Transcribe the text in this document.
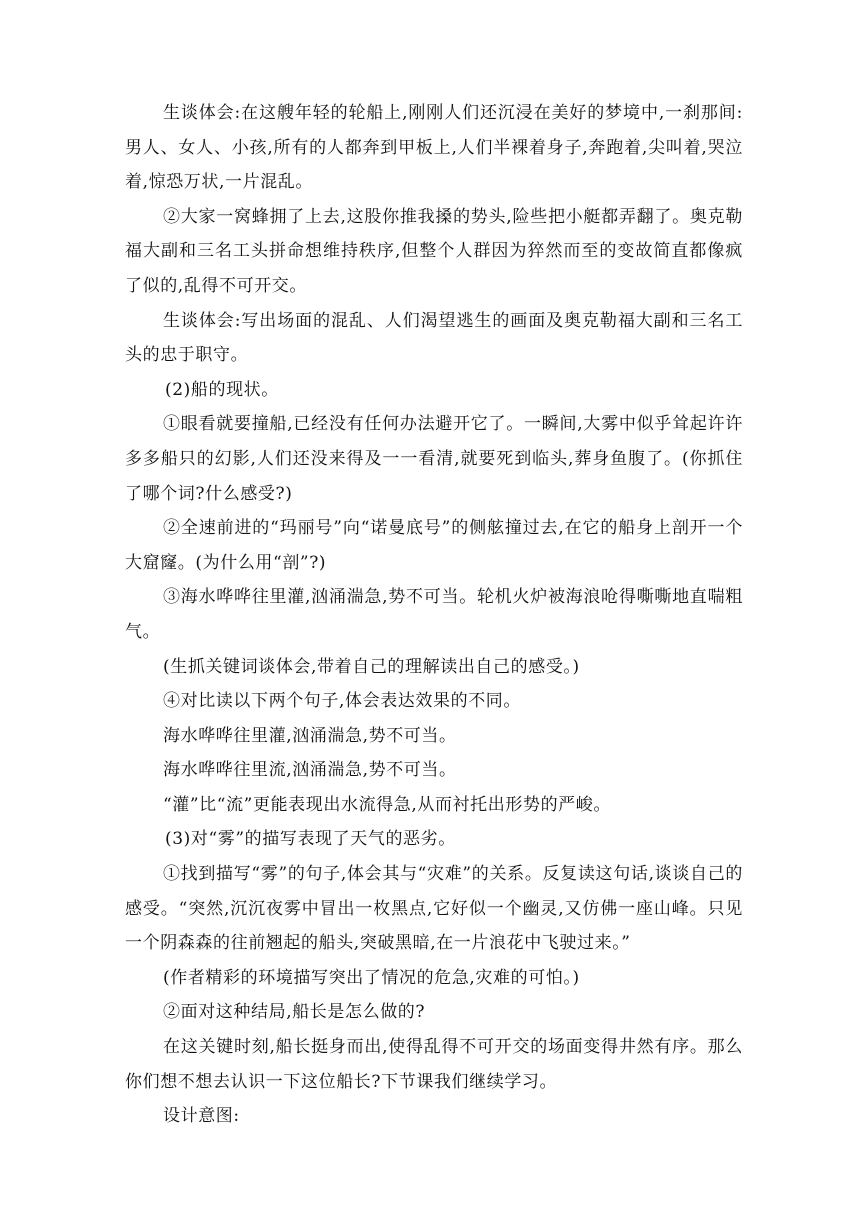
生谈体会:在这艘年轻的轮船上,刚刚人们还沉浸在美好的梦境中,一刹那间:男人、女人、小孩,所有的人都奔到甲板上,人们半裸着身子,奔跑着,尖叫着,哭泣着,惊恐万状,一片混乱。

②大家一窝蜂拥了上去,这股你推我搡的势头,险些把小艇都弄翻了。奥克勒福大副和三名工头拼命想维持秩序,但整个人群因为猝然而至的变故简直都像疯了似的,乱得不可开交。

生谈体会:写出场面的混乱、人们渴望逃生的画面及奥克勒福大副和三名工头的忠于职守。

(2)船的现状。

①眼看就要撞船,已经没有任何办法避开它了。一瞬间,大雾中似乎耸起许许多多船只的幻影,人们还没来得及一一看清,就要死到临头,葬身鱼腹了。(你抓住了哪个词?什么感受?)

②全速前进的“玛丽号”向“诺曼底号”的侧舷撞过去,在它的船身上剖开一个大窟窿。(为什么用“剖”?)

③海水哗哗往里灌,汹涌湍急,势不可当。轮机火炉被海浪呛得嘶嘶地直喘粗气。

(生抓关键词谈体会,带着自己的理解读出自己的感受。)

④对比读以下两个句子,体会表达效果的不同。

海水哗哗往里灌,汹涌湍急,势不可当。

海水哗哗往里流,汹涌湍急,势不可当。

“灌”比“流”更能表现出水流得急,从而衬托出形势的严峻。

(3)对“雾”的描写表现了天气的恶劣。

①找到描写“雾”的句子,体会其与“灾难”的关系。反复读这句话,谈谈自己的感受。“突然,沉沉夜雾中冒出一枚黑点,它好似一个幽灵,又仿佛一座山峰。只见一个阴森森的往前翘起的船头,突破黑暗,在一片浪花中飞驶过来。”

(作者精彩的环境描写突出了情况的危急,灾难的可怕。)

②面对这种结局,船长是怎么做的?

在这关键时刻,船长挺身而出,使得乱得不可开交的场面变得井然有序。那么你们想不想去认识一下这位船长?下节课我们继续学习。

设计意图:
